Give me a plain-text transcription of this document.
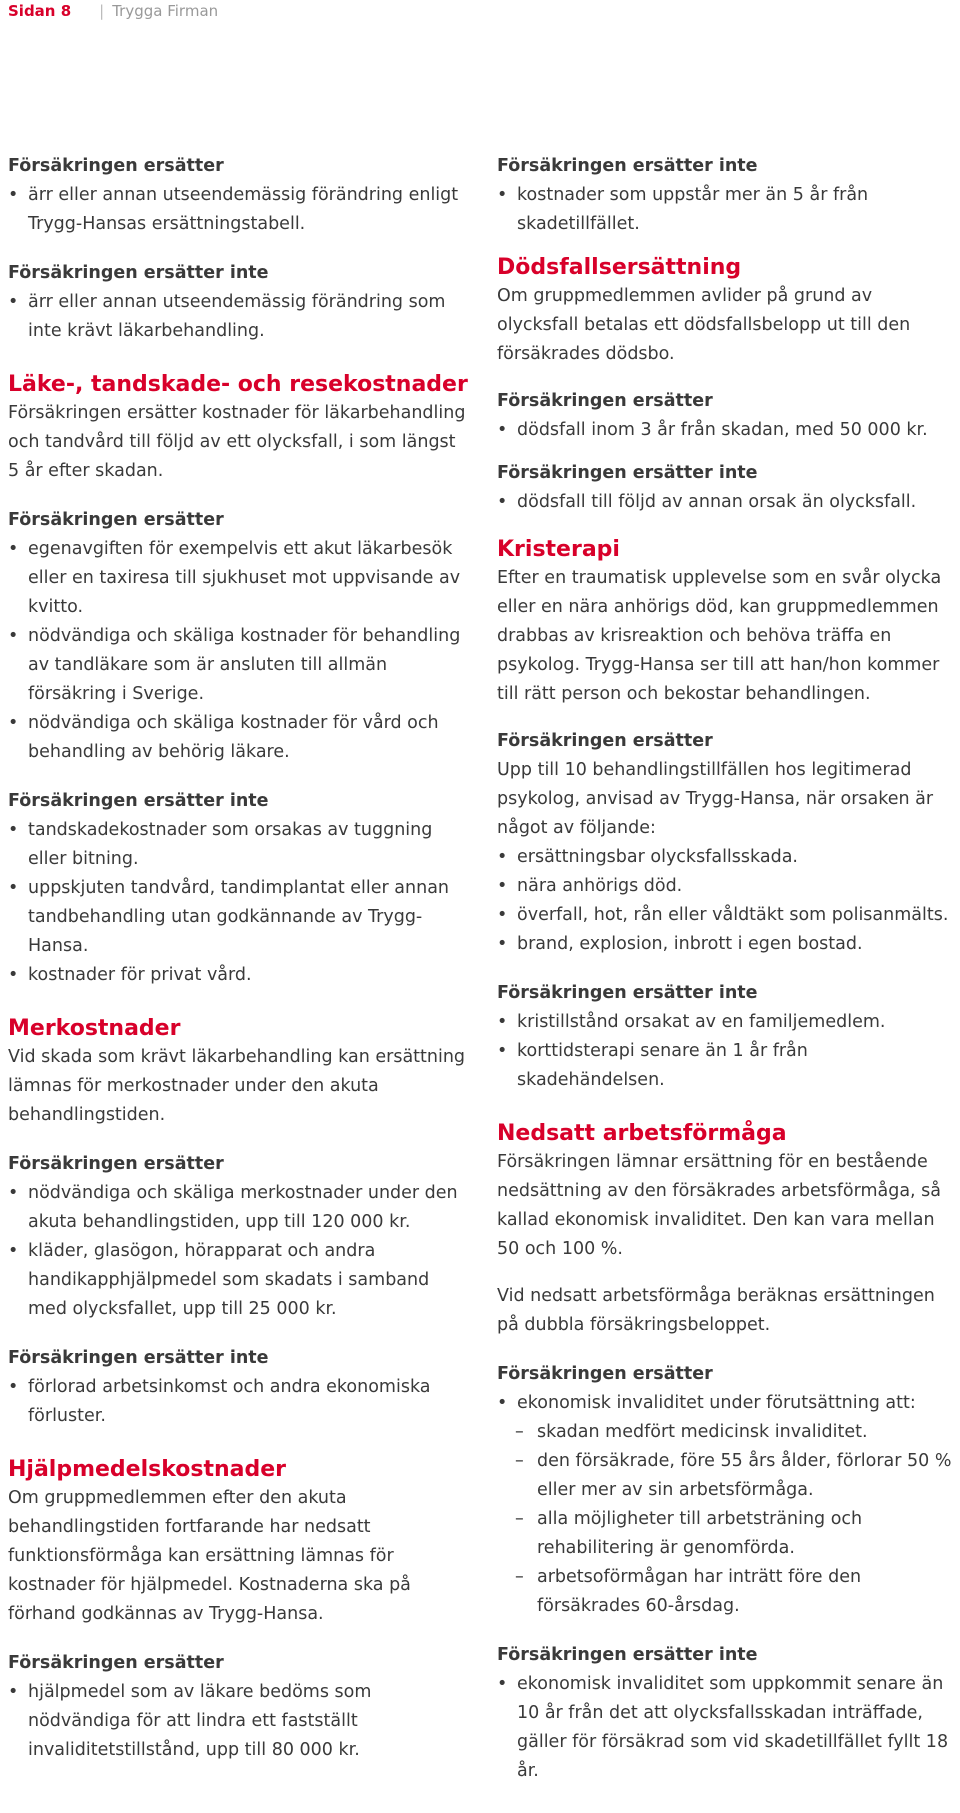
Sidan 8 | Trygga Firman
Försäkringen ersätter
• ärr eller annan utseendemässig förändring enligt Trygg-Hansas ersättningstabell.
Försäkringen ersätter inte
• ärr eller annan utseendemässig förändring som inte krävt läkarbehandling.
Läke-, tandskade- och resekostnader

Försäkringen ersätter kostnader för läkarbehandling och tandvård till följd av ett olycksfall, i som längst 5 år efter skadan.

Försäkringen ersätter
• egenavgiften för exempelvis ett akut läkarbesök eller en taxiresa till sjukhuset mot uppvisande av kvitto.
• nödvändiga och skäliga kostnader för behandling av tandläkare som är ansluten till allmän försäkring i Sverige.
• nödvändiga och skäliga kostnader för vård och behandling av behörig läkare.
Försäkringen ersätter inte
• tandskadekostnader som orsakas av tuggning eller bitning.
• uppskjuten tandvård, tandimplantat eller annan tandbehandling utan godkännande av Trygg-Hansa.
• kostnader för privat vård.
Merkostnader

Vid skada som krävt läkarbehandling kan ersättning lämnas för merkostnader under den akuta behandlingstiden.

Försäkringen ersätter
• nödvändiga och skäliga merkostnader under den akuta behandlingstiden, upp till 120 000 kr.
• kläder, glasögon, hörapparat och andra handikapphjälpmedel som skadats i samband med olycksfallet, upp till 25 000 kr.
Försäkringen ersätter inte
• förlorad arbetsinkomst och andra ekonomiska förluster.
Hjälpmedelskostnader

Om gruppmedlemmen efter den akuta behandlingstiden fortfarande har nedsatt funktionsförmåga kan ersättning lämnas för kostnader för hjälpmedel. Kostnaderna ska på förhand godkännas av Trygg-Hansa.

Försäkringen ersätter
• hjälpmedel som av läkare bedöms som nödvändiga för att lindra ett fastställt invaliditetstillstånd, upp till 80 000 kr.
Försäkringen ersätter inte
• kostnader som uppstår mer än 5 år från skadetillfället.
Dödsfallsersättning

Om gruppmedlemmen avlider på grund av olycksfall betalas ett dödsfallsbelopp ut till den försäkrades dödsbo.

Försäkringen ersätter
• dödsfall inom 3 år från skadan, med 50 000 kr.
Försäkringen ersätter inte
• dödsfall till följd av annan orsak än olycksfall.
Kristerapi

Efter en traumatisk upplevelse som en svår olycka eller en nära anhörigs död, kan gruppmedlemmen drabbas av krisreaktion och behöva träffa en psykolog. Trygg-Hansa ser till att han/hon kommer till rätt person och bekostar behandlingen.

Försäkringen ersätter

Upp till 10 behandlingstillfällen hos legitimerad psykolog, anvisad av Trygg-Hansa, när orsaken är något av följande:

• ersättningsbar olycksfallsskada.
• nära anhörigs död.
• överfall, hot, rån eller våldtäkt som polisanmälts.
• brand, explosion, inbrott i egen bostad.
Försäkringen ersätter inte
• kristillstånd orsakat av en familjemedlem.
• korttidsterapi senare än 1 år från skadehändelsen.
Nedsatt arbetsförmåga

Försäkringen lämnar ersättning för en bestående nedsättning av den försäkrades arbetsförmåga, så kallad ekonomisk invaliditet. Den kan vara mellan 50 och 100 %.

Vid nedsatt arbetsförmåga beräknas ersättningen på dubbla försäkringsbeloppet.

Försäkringen ersätter
• ekonomisk invaliditet under förutsättning att:
– skadan medfört medicinsk invaliditet.
– den försäkrade, före 55 års ålder, förlorar 50 % eller mer av sin arbetsförmåga.
– alla möjligheter till arbetsträning och rehabilitering är genomförda.
– arbetsoförmågan har inträtt före den försäkrades 60-årsdag.
Försäkringen ersätter inte
• ekonomisk invaliditet som uppkommit senare än 10 år från det att olycksfallsskadan inträffade, gäller för försäkrad som vid skadetillfället fyllt 18 år.
